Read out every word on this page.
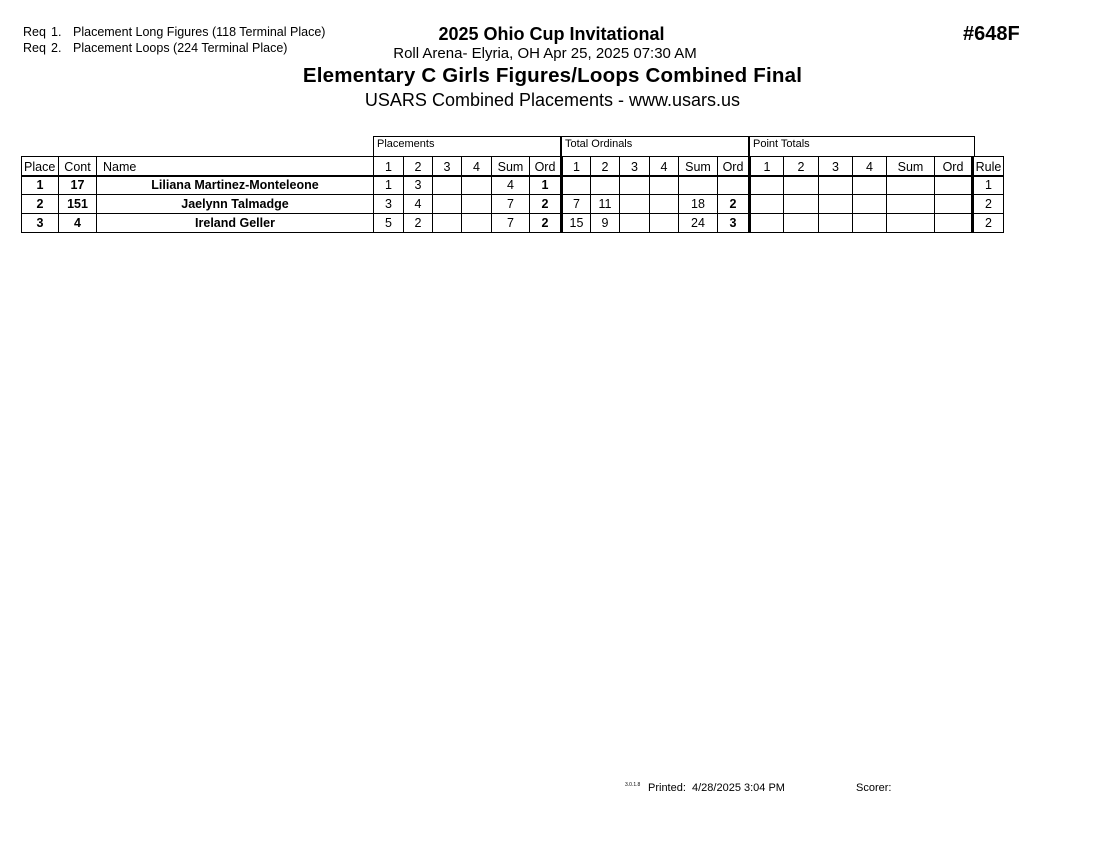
Req 1. Placement Long Figures (118 Terminal Place)
Req 2. Placement Loops (224 Terminal Place)
2025 Ohio Cup Invitational
Roll Arena- Elyria, OH Apr 25, 2025 07:30 AM
Elementary C Girls Figures/Loops Combined Final
USARS Combined Placements - www.usars.us
#648F
Placements	Total Ordinals	Point Totals
Place	Cont	Name	1	2	3	4	Sum	Ord	1	2	3	4	Sum	Ord	1	2	3	4	Sum	Ord	Rule
1	17	Liliana Martinez-Monteleone	1	3			4	1													1
2	151	Jaelynn Talmadge	3	4			7	2	7	11			18	2							2
3	4	Ireland Geller	5	2			7	2	15	9			24	3							2
3.0.1.8 Printed: 4/28/2025 3:04 PM	Scorer:
